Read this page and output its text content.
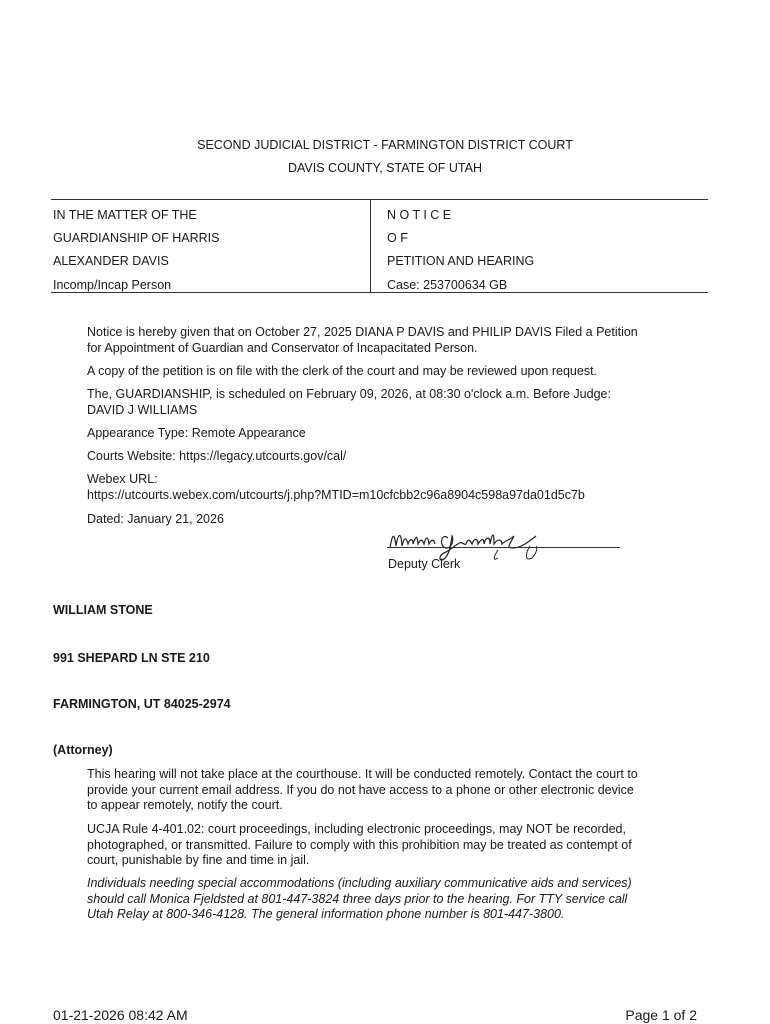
SECOND JUDICIAL DISTRICT - FARMINGTON DISTRICT COURT
DAVIS COUNTY, STATE OF UTAH
IN THE MATTER OF THE
GUARDIANSHIP OF HARRIS
ALEXANDER DAVIS
Incomp/Incap Person
N O T I C E
O F
PETITION AND HEARING
Case: 253700634 GB
Notice is hereby given that on October 27, 2025 DIANA P DAVIS and PHILIP DAVIS Filed a Petition
for Appointment of Guardian and Conservator of Incapacitated Person.
A copy of the petition is on file with the clerk of the court and may be reviewed upon request.
The, GUARDIANSHIP, is scheduled on February 09, 2026, at 08:30 o'clock a.m. Before Judge:
DAVID J WILLIAMS
Appearance Type: Remote Appearance
Courts Website: https://legacy.utcourts.gov/cal/
Webex URL:
https://utcourts.webex.com/utcourts/j.php?MTID=m10cfcbb2c96a8904c598a97da01d5c7b
Dated: January 21, 2026
Deputy Clerk
WILLIAM STONE
991 SHEPARD LN STE 210
FARMINGTON, UT 84025-2974
(Attorney)
This hearing will not take place at the courthouse. It will be conducted remotely. Contact the court to
provide your current email address. If you do not have access to a phone or other electronic device
to appear remotely, notify the court.
UCJA Rule 4-401.02: court proceedings, including electronic proceedings, may NOT be recorded,
photographed, or transmitted. Failure to comply with this prohibition may be treated as contempt of
court, punishable by fine and time in jail.
Individuals needing special accommodations (including auxiliary communicative aids and services)
should call Monica Fjeldsted at 801-447-3824 three days prior to the hearing. For TTY service call
Utah Relay at 800-346-4128. The general information phone number is 801-447-3800.
01-21-2026 08:42 AM	Page 1 of 2
